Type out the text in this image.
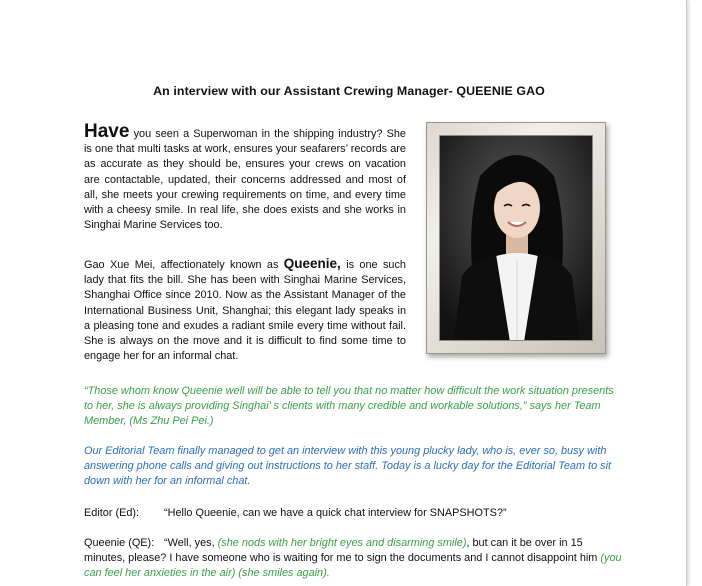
An interview with our Assistant Crewing Manager- QUEENIE GAO

Have you seen a Superwoman in the shipping industry? She is one that multi tasks at work, ensures your seafarers’ records are as accurate as they should be, ensures your crews on vacation are contactable, updated, their concerns addressed and most of all, she meets your crewing requirements on time, and every time with a cheesy smile. In real life, she does exists and she works in Singhai Marine Services too.

Gao Xue Mei, affectionately known as Queenie, is one such lady that fits the bill. She has been with Singhai Marine Services, Shanghai Office since 2010. Now as the Assistant Manager of the International Business Unit, Shanghai; this elegant lady speaks in a pleasing tone and exudes a radiant smile every time without fail. She is always on the move and it is difficult to find some time to engage her for an informal chat.

“Those whom know Queenie well will be able to tell you that no matter how difficult the work situation presents to her, she is always providing Singhai’ s clients with many credible and workable solutions,” says her Team Member, (Ms Zhu Pei Pei.)

Our Editorial Team finally managed to get an interview with this young plucky lady, who is, ever so, busy with answering phone calls and giving out instructions to her staff. Today is a lucky day for the Editorial Team to sit down with her for an informal chat.

Editor (Ed): “Hello Queenie, can we have a quick chat interview for SNAPSHOTS?”

Queenie (QE): “Well, yes, (she nods with her bright eyes and disarming smile), but can it be over in 15 minutes, please? I have someone who is waiting for me to sign the documents and I cannot disappoint him (you can feel her anxieties in the air) (she smiles again).
